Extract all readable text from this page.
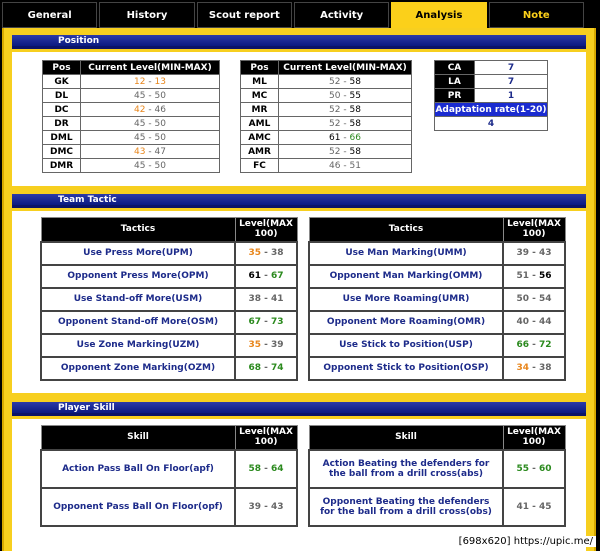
General	History	Scout report	Activity	Analysis	Note
Position
Pos	Current Level(MIN-MAX)
GK	12 - 13
DL	45 - 50
DC	42 - 46
DR	45 - 50
DML	45 - 50
DMC	43 - 47
DMR	45 - 50
Pos	Current Level(MIN-MAX)
ML	52 - 58
MC	50 - 55
MR	52 - 58
AML	52 - 58
AMC	61 - 66
AMR	52 - 58
FC	46 - 51
CA	7
LA	7
PR	1
Adaptation rate(1-20)	
4	
Team Tactic
Tactics	Level(MAX 100)
Use Press More(UPM)	35 - 38
Opponent Press More(OPM)	61 - 67
Use Stand-off More(USM)	38 - 41
Opponent Stand-off More(OSM)	67 - 73
Use Zone Marking(UZM)	35 - 39
Opponent Zone Marking(OZM)	68 - 74
Tactics	Level(MAX 100)
Use Man Marking(UMM)	39 - 43
Opponent Man Marking(OMM)	51 - 56
Use More Roaming(UMR)	50 - 54
Opponent More Roaming(OMR)	40 - 44
Use Stick to Position(USP)	66 - 72
Opponent Stick to Position(OSP)	34 - 38
Player Skill
Skill	Level(MAX 100)
Action Pass Ball On Floor(apf)	58 - 64
Opponent Pass Ball On Floor(opf)	39 - 43
Skill	Level(MAX 100)
Action Beating the defenders for the ball from a drill cross(abs)	55 - 60
Opponent Beating the defenders for the ball from a drill cross(obs)	41 - 45
[698x620] https://upic.me/
